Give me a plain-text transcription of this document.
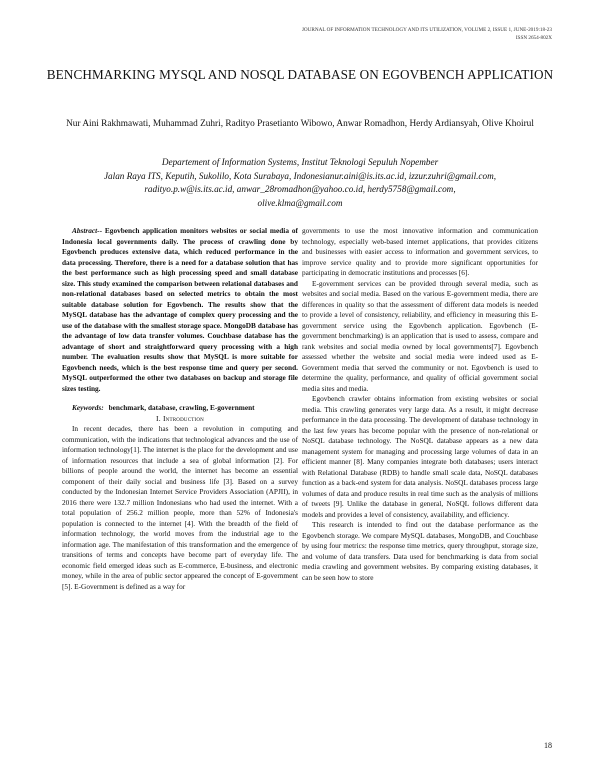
JOURNAL OF INFORMATION TECHNOLOGY AND ITS UTILIZATION, VOLUME 2, ISSUE 1, JUNE-2019:18-23
ISSN 2654-802X
BENCHMARKING MYSQL AND NOSQL DATABASE ON EGOVBENCH APPLICATION
Nur Aini Rakhmawati, Muhammad Zuhri, Radityo Prasetianto Wibowo, Anwar Romadhon, Herdy Ardiansyah, Olive Khoirul
Departement of Information Systems, Institut Teknologi Sepuluh Nopember
Jalan Raya ITS, Keputih, Sukolilo, Kota Surabaya, Indonesianur.aini@is.its.ac.id, izzur.zuhri@gmail.com,
radityo.p.w@is.its.ac.id, anwar_28romadhon@yahoo.co.id, herdy5758@gmail.com,
olive.klma@gmail.com

Abstract-- Egovbench application monitors websites or social media of Indonesia local governments daily. The process of crawling done by Egovbench produces extensive data, which reduced performance in the data processing. Therefore, there is a need for a database solution that has the best performance such as high processing speed and small database size. This study examined the comparison between relational databases and non-relational databases based on selected metrics to obtain the most suitable database solution for Egovbench. The results show that the MySQL database has the advantage of complex query processing and the use of the database with the smallest storage space. MongoDB database has the advantage of low data transfer volumes. Couchbase database has the advantage of short and straightforward query processing with a high number. The evaluation results show that MySQL is more suitable for Egovbench needs, which is the best response time and query per second. MySQL outperformed the other two databases on backup and storage file sizes testing.

Keywords: benchmark, database, crawling, E-government

I. Introduction

In recent decades, there has been a revolution in computing and communication, with the indications that technological advances and the use of information technology[1]. The internet is the place for the development and use of information resources that include a sea of global information [2]. For billions of people around the world, the internet has become an essential component of their daily social and business life [3]. Based on a survey conducted by the Indonesian Internet Service Providers Association (APJII), in 2016 there were 132.7 million Indonesians who had used the internet. With a total population of 256.2 million people, more than 52% of Indonesia's population is connected to the internet [4]. With the breadth of the field of information technology, the world moves from the industrial age to the information age. The manifestation of this transformation and the emergence of transitions of terms and concepts have become part of everyday life. The economic field emerged ideas such as E-commerce, E-business, and electronic money, while in the area of public sector appeared the concept of E-government [5]. E-Government is defined as a way for

governments to use the most innovative information and communication technology, especially web-based internet applications, that provides citizens and businesses with easier access to information and government services, to improve service quality and to provide more significant opportunities for participating in democratic institutions and processes [6].

E-government services can be provided through several media, such as websites and social media. Based on the various E-government media, there are differences in quality so that the assessment of different data models is needed to provide a level of consistency, reliability, and efficiency in measuring this E-government service using the Egovbench application. Egovbench (E-government benchmarking) is an application that is used to assess, compare and rank websites and social media owned by local governments[7]. Egovbench assessed whether the website and social media were indeed used as E-Government media that served the community or not. Egovbench is used to determine the quality, performance, and quality of official government social media sites and media.

Egovbench crawler obtains information from existing websites or social media. This crawling generates very large data. As a result, it might decrease performance in the data processing. The development of database technology in the last few years has become popular with the presence of non-relational or NoSQL database technology. The NoSQL database appears as a new data management system for managing and processing large volumes of data in an efficient manner [8]. Many companies integrate both databases; users interact with Relational Database (RDB) to handle small scale data, NoSQL databases function as a back-end system for data analysis. NoSQL databases process large volumes of data and produce results in real time such as the analysis of millions of tweets [9]. Unlike the database in general, NoSQL follows different data models and provides a level of consistency, availability, and efficiency.

This research is intended to find out the database performance as the Egovbench storage. We compare MySQL databases, MongoDB, and Couchbase by using four metrics: the response time metrics, query throughput, storage size, and volume of data transfers. Data used for benchmarking is data from social media crawling and government websites. By comparing existing databases, it can be seen how to store

18
